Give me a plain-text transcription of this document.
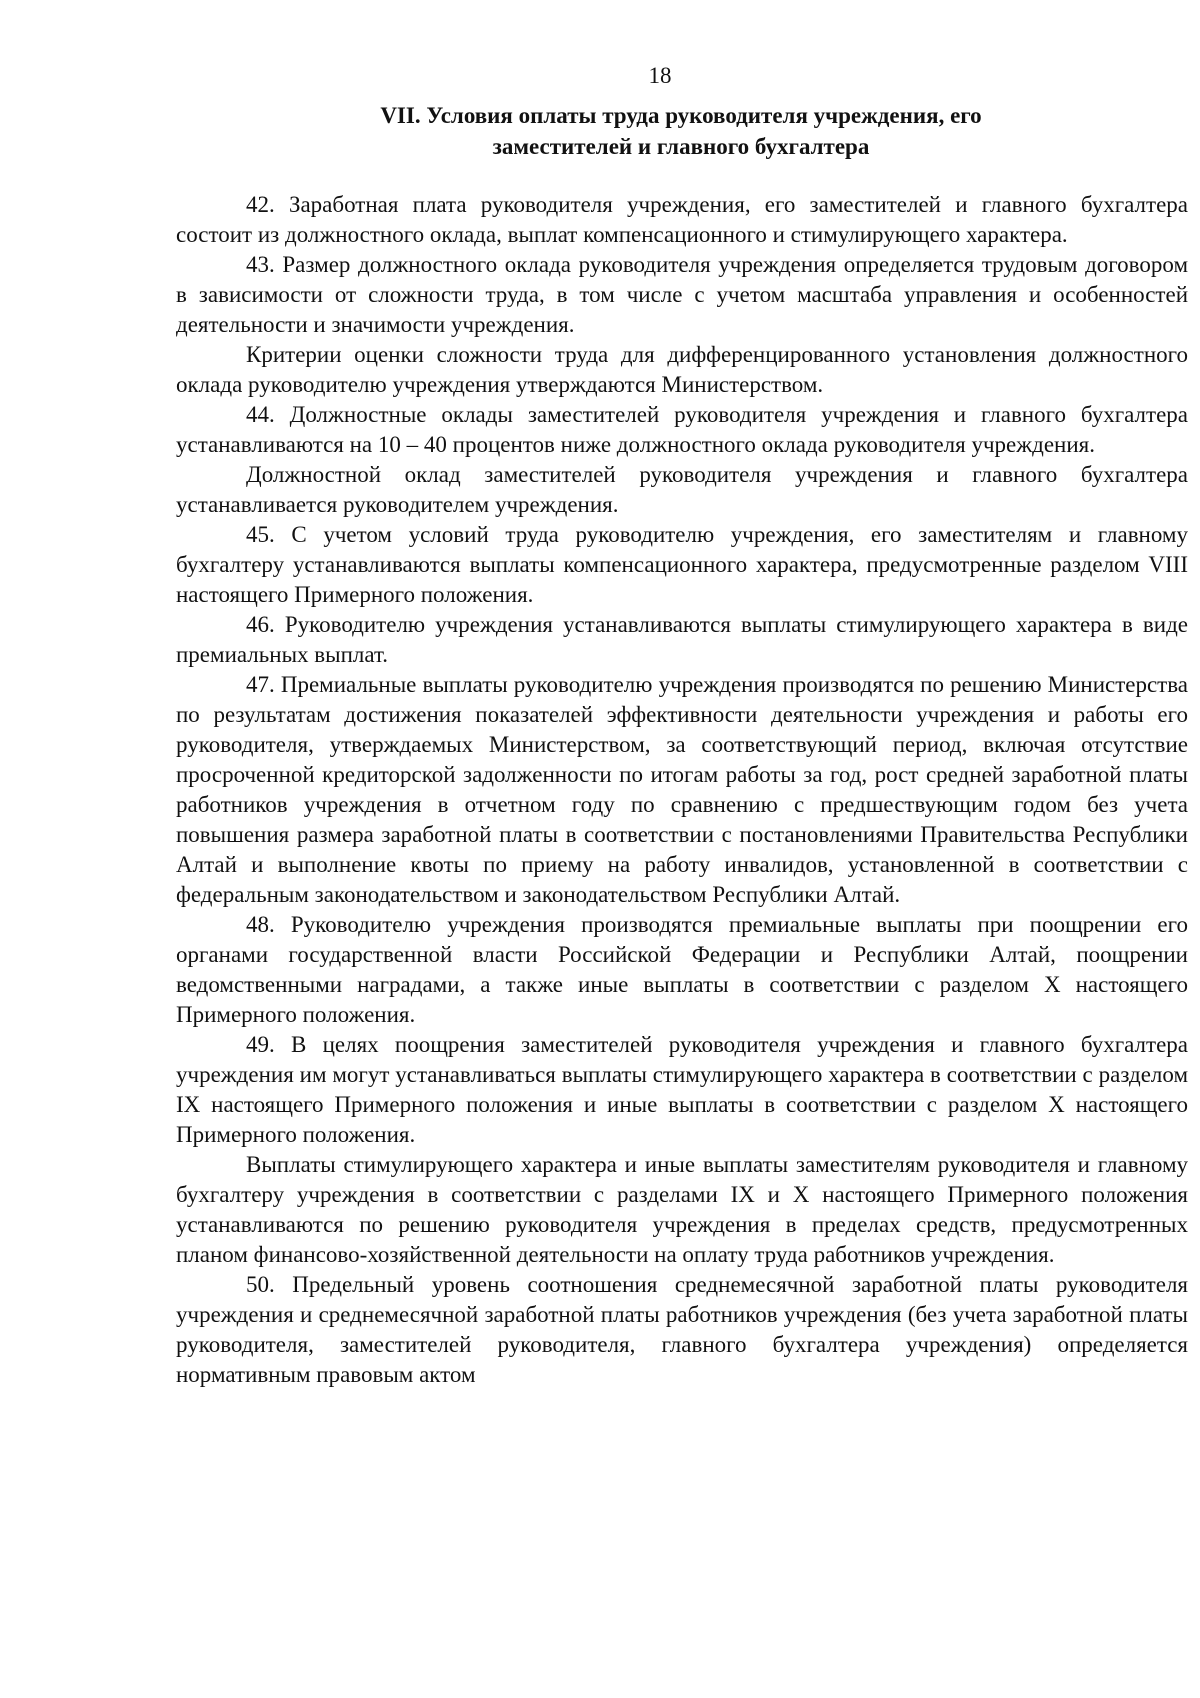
18
VII. Условия оплаты труда руководителя учреждения, его
заместителей и главного бухгалтера

42. Заработная плата руководителя учреждения, его заместителей и главного бухгалтера состоит из должностного оклада, выплат компенсационного и стимулирующего характера.

43. Размер должностного оклада руководителя учреждения определяется трудовым договором в зависимости от сложности труда, в том числе с учетом масштаба управления и особенностей деятельности и значимости учреждения.

Критерии оценки сложности труда для дифференцированного установления должностного оклада руководителю учреждения утверждаются Министерством.

44. Должностные оклады заместителей руководителя учреждения и главного бухгалтера устанавливаются на 10 – 40 процентов ниже должностного оклада руководителя учреждения.

Должностной оклад заместителей руководителя учреждения и главного бухгалтера устанавливается руководителем учреждения.

45. С учетом условий труда руководителю учреждения, его заместителям и главному бухгалтеру устанавливаются выплаты компенсационного характера, предусмотренные разделом VIII настоящего Примерного положения.

46. Руководителю учреждения устанавливаются выплаты стимулирующего характера в виде премиальных выплат.

47. Премиальные выплаты руководителю учреждения производятся по решению Министерства по результатам достижения показателей эффективности деятельности учреждения и работы его руководителя, утверждаемых Министерством, за соответствующий период, включая отсутствие просроченной кредиторской задолженности по итогам работы за год, рост средней заработной платы работников учреждения в отчетном году по сравнению с предшествующим годом без учета повышения размера заработной платы в соответствии с постановлениями Правительства Республики Алтай и выполнение квоты по приему на работу инвалидов, установленной в соответствии с федеральным законодательством и законодательством Республики Алтай.

48. Руководителю учреждения производятся премиальные выплаты при поощрении его органами государственной власти Российской Федерации и Республики Алтай, поощрении ведомственными наградами, а также иные выплаты в соответствии с разделом X настоящего Примерного положения.

49. В целях поощрения заместителей руководителя учреждения и главного бухгалтера учреждения им могут устанавливаться выплаты стимулирующего характера в соответствии с разделом IX настоящего Примерного положения и иные выплаты в соответствии с разделом X настоящего Примерного положения.

Выплаты стимулирующего характера и иные выплаты заместителям руководителя и главному бухгалтеру учреждения в соответствии с разделами IX и X настоящего Примерного положения устанавливаются по решению руководителя учреждения в пределах средств, предусмотренных планом финансово-хозяйственной деятельности на оплату труда работников учреждения.

50. Предельный уровень соотношения среднемесячной заработной платы руководителя учреждения и среднемесячной заработной платы работников учреждения (без учета заработной платы руководителя, заместителей руководителя, главного бухгалтера учреждения) определяется нормативным правовым актом
